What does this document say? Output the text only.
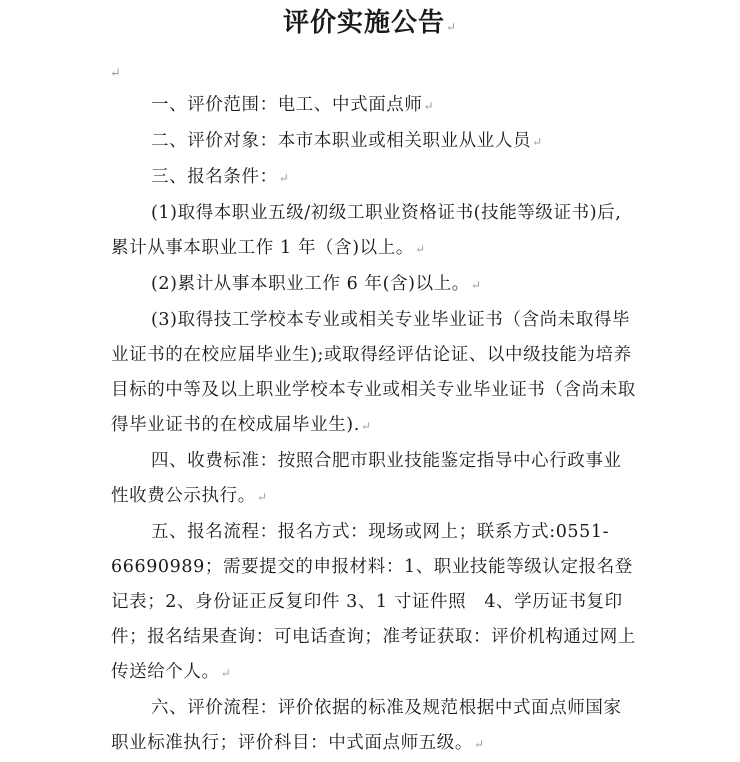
评价实施公告↵
↵

一、评价范围：电工、中式面点师↵

二、评价对象：本市本职业或相关职业从业人员↵

三、报名条件：↵

(1)取得本职业五级/初级工职业资格证书(技能等级证书)后,累计从事本职业工作 1 年（含)以上。↵

(2)累计从事本职业工作 6 年(含)以上。↵

(3)取得技工学校本专业或相关专业毕业证书（含尚未取得毕业证书的在校应届毕业生);或取得经评估论证、以中级技能为培养目标的中等及以上职业学校本专业或相关专业毕业证书（含尚未取得毕业证书的在校成届毕业生).↵

四、收费标准：按照合肥市职业技能鉴定指导中心行政事业性收费公示执行。↵

五、报名流程：报名方式：现场或网上；联系方式:0551-66690989；需要提交的申报材料：1、职业技能等级认定报名登记表；2、身份证正反复印件 3、1 寸证件照　4、学历证书复印件；报名结果查询：可电话查询；准考证获取：评价机构通过网上传送给个人。↵

六、评价流程：评价依据的标准及规范根据中式面点师国家职业标准执行；评价科目：中式面点师五级。↵
